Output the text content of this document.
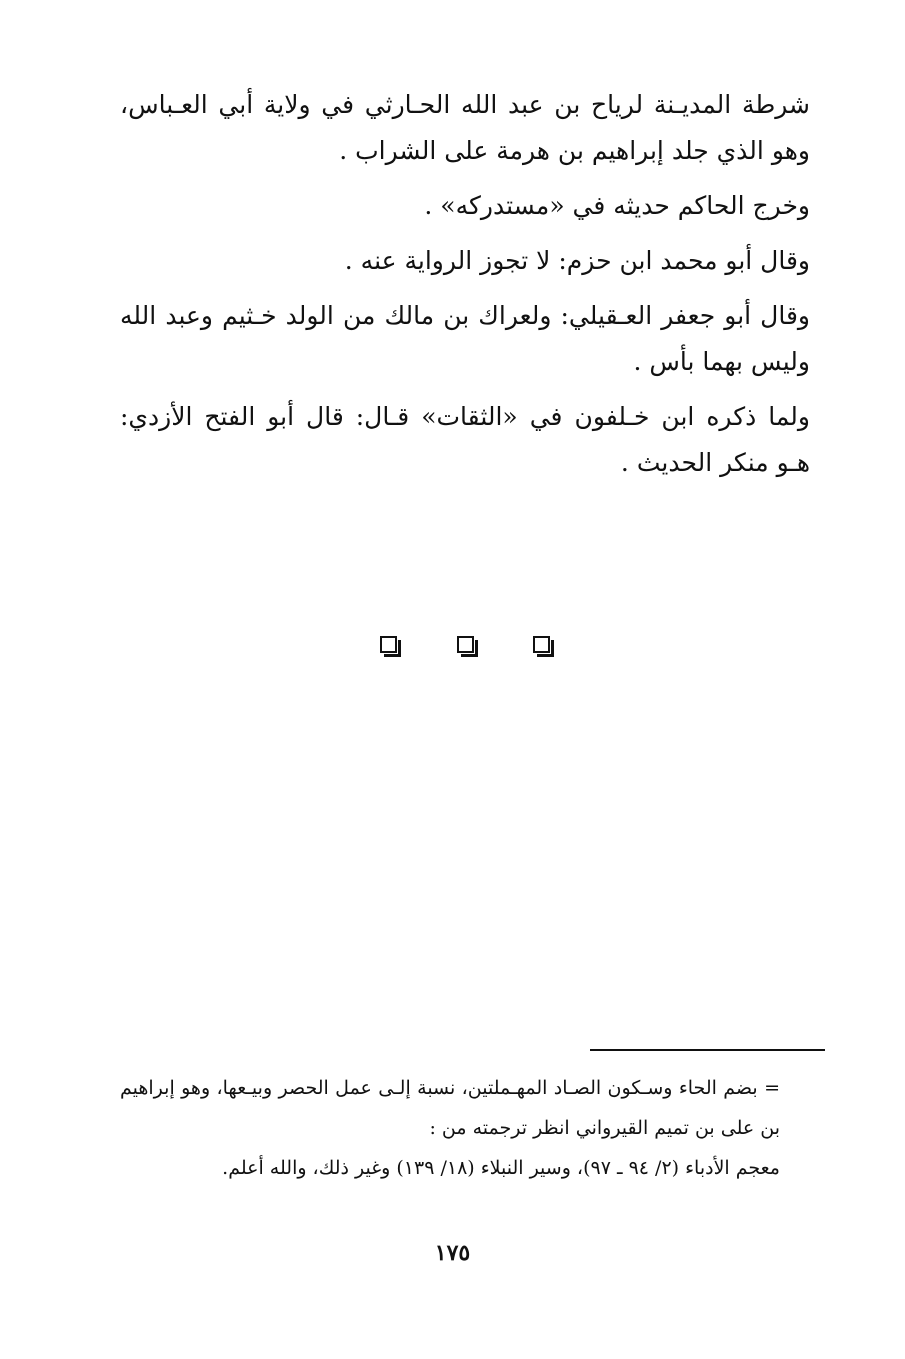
شرطة المديـنة لرياح بن عبد الله الحـارثي في ولاية أبي العـباس، وهو الذي جلد إبراهيم بن هرمة على الشراب .

وخرج الحاكم حديثه في «مستدركه» .

وقال أبو محمد ابن حزم: لا تجوز الرواية عنه .

وقال أبو جعفر العـقيلي: ولعراك بن مالك من الولد خـثيم وعبد الله وليس بهما بأس .

ولما ذكره ابن خـلفون في «الثقات» قـال: قال أبو الفتح الأزدي: هـو منكر الحديث .

= بضم الحاء وسـكون الصـاد المهـملتين، نسبة إلـى عمل الحصر وبيـعها، وهو إبراهيم بن على بن تميم القيرواني انظر ترجمته من :

معجم الأدباء (٢/ ٩٤ ـ ٩٧)، وسير النبلاء (١٨/ ١٣٩) وغير ذلك، والله أعلم.

١٧٥
